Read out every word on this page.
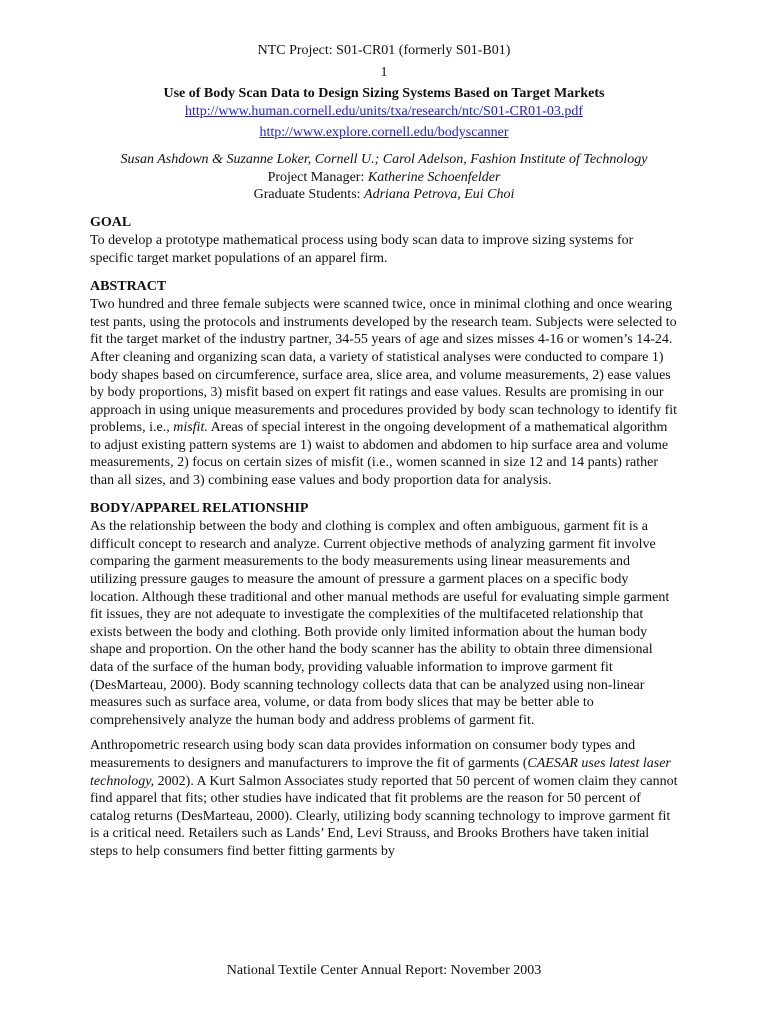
NTC Project: S01-CR01 (formerly S01-B01)

1

Use of Body Scan Data to Design Sizing Systems Based on Target Markets

http://www.human.cornell.edu/units/txa/research/ntc/S01-CR01-03.pdf

http://www.explore.cornell.edu/bodyscanner

Susan Ashdown & Suzanne Loker, Cornell U.; Carol Adelson, Fashion Institute of Technology

Project Manager: Katherine Schoenfelder

Graduate Students: Adriana Petrova, Eui Choi

GOAL

To develop a prototype mathematical process using body scan data to improve sizing systems for specific target market populations of an apparel firm.

ABSTRACT

Two hundred and three female subjects were scanned twice, once in minimal clothing and once wearing test pants, using the protocols and instruments developed by the research team. Subjects were selected to fit the target market of the industry partner, 34-55 years of age and sizes misses 4-16 or women’s 14-24. After cleaning and organizing scan data, a variety of statistical analyses were conducted to compare 1) body shapes based on circumference, surface area, slice area, and volume measurements, 2) ease values by body proportions, 3) misfit based on expert fit ratings and ease values. Results are promising in our approach in using unique measurements and procedures provided by body scan technology to identify fit problems, i.e., misfit. Areas of special interest in the ongoing development of a mathematical algorithm to adjust existing pattern systems are 1) waist to abdomen and abdomen to hip surface area and volume measurements, 2) focus on certain sizes of misfit (i.e., women scanned in size 12 and 14 pants) rather than all sizes, and 3) combining ease values and body proportion data for analysis.

BODY/APPAREL RELATIONSHIP

As the relationship between the body and clothing is complex and often ambiguous, garment fit is a difficult concept to research and analyze. Current objective methods of analyzing garment fit involve comparing the garment measurements to the body measurements using linear measurements and utilizing pressure gauges to measure the amount of pressure a garment places on a specific body location. Although these traditional and other manual methods are useful for evaluating simple garment fit issues, they are not adequate to investigate the complexities of the multifaceted relationship that exists between the body and clothing. Both provide only limited information about the human body shape and proportion. On the other hand the body scanner has the ability to obtain three dimensional data of the surface of the human body, providing valuable information to improve garment fit (DesMarteau, 2000). Body scanning technology collects data that can be analyzed using non-linear measures such as surface area, volume, or data from body slices that may be better able to comprehensively analyze the human body and address problems of garment fit.

Anthropometric research using body scan data provides information on consumer body types and measurements to designers and manufacturers to improve the fit of garments (CAESAR uses latest laser technology, 2002). A Kurt Salmon Associates study reported that 50 percent of women claim they cannot find apparel that fits; other studies have indicated that fit problems are the reason for 50 percent of catalog returns (DesMarteau, 2000). Clearly, utilizing body scanning technology to improve garment fit is a critical need. Retailers such as Lands’ End, Levi Strauss, and Brooks Brothers have taken initial steps to help consumers find better fitting garments by

National Textile Center Annual Report: November 2003
